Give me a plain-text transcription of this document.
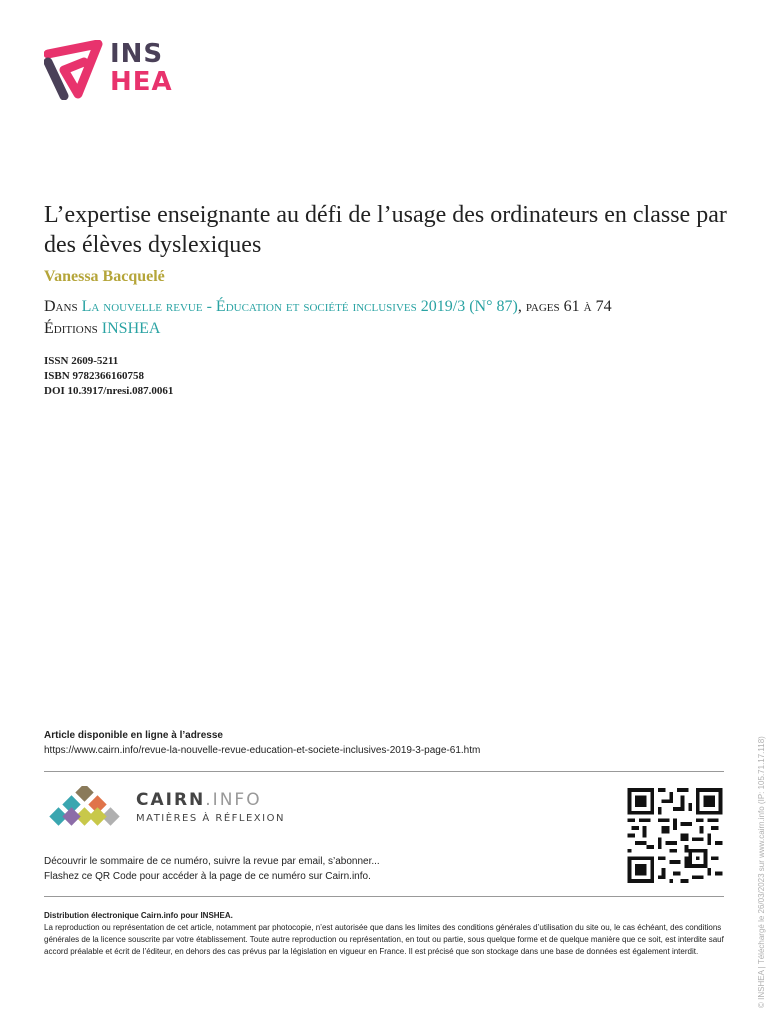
INS
HEA
L’expertise enseignante au défi de l’usage des ordinateurs en classe par des élèves dyslexiques
Vanessa Bacquelé
Dans La nouvelle revue - Éducation et société inclusives 2019/3 (N° 87), pages 61 à 74
Éditions INSHEA
ISSN 2609-5211
ISBN 9782366160758
DOI 10.3917/nresi.087.0061
Article disponible en ligne à l’adresse
https://www.cairn.info/revue-la-nouvelle-revue-education-et-societe-inclusives-2019-3-page-61.htm
CAIRN.INFO
MATIÈRES À RÉFLEXION
Découvrir le sommaire de ce numéro, suivre la revue par email, s’abonner...
Flashez ce QR Code pour accéder à la page de ce numéro sur Cairn.info.
Distribution électronique Cairn.info pour INSHEA.
La reproduction ou représentation de cet article, notamment par photocopie, n’est autorisée que dans les limites des conditions générales d’utilisation du site ou, le cas échéant, des conditions générales de la licence souscrite par votre établissement. Toute autre reproduction ou représentation, en tout ou partie, sous quelque forme et de quelque manière que ce soit, est interdite sauf accord préalable et écrit de l’éditeur, en dehors des cas prévus par la législation en vigueur en France. Il est précisé que son stockage dans une base de données est également interdit.	© INSHEA | Téléchargé le 26/03/2023 sur www.cairn.info (IP: 105.71.17.118)
